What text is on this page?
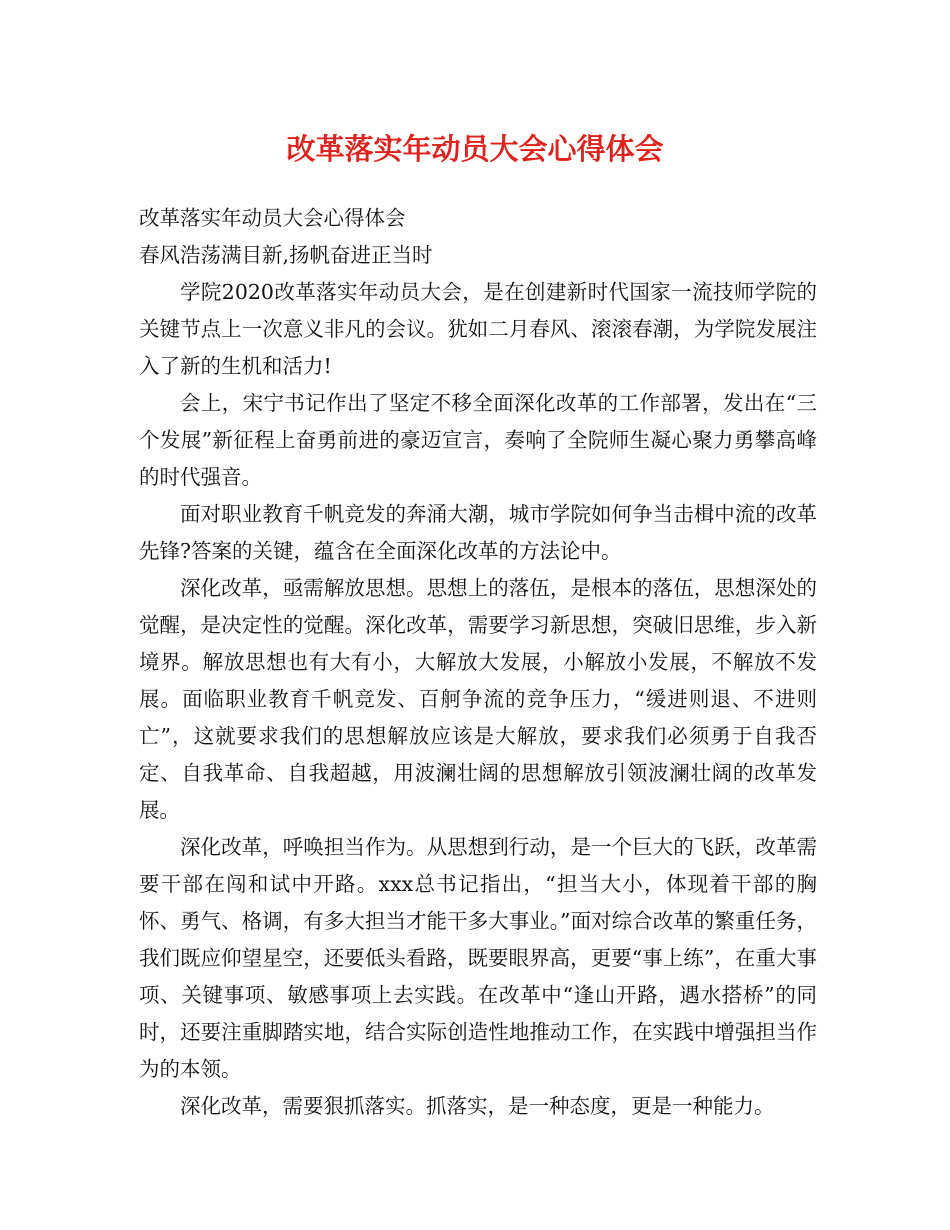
改革落实年动员大会心得体会

改革落实年动员大会心得体会

春风浩荡满目新,扬帆奋进正当时

学院2020改革落实年动员大会，是在创建新时代国家一流技师学院的关键节点上一次意义非凡的会议。犹如二月春风、滚滚春潮，为学院发展注入了新的生机和活力!

会上，宋宁书记作出了坚定不移全面深化改革的工作部署，发出在“三个发展”新征程上奋勇前进的豪迈宣言，奏响了全院师生凝心聚力勇攀高峰的时代强音。

面对职业教育千帆竞发的奔涌大潮，城市学院如何争当击楫中流的改革先锋?答案的关键，蕴含在全面深化改革的方法论中。

深化改革，亟需解放思想。思想上的落伍，是根本的落伍，思想深处的觉醒，是决定性的觉醒。深化改革，需要学习新思想，突破旧思维，步入新境界。解放思想也有大有小，大解放大发展，小解放小发展，不解放不发展。面临职业教育千帆竞发、百舸争流的竞争压力，“缓进则退、不进则亡”，这就要求我们的思想解放应该是大解放，要求我们必须勇于自我否定、自我革命、自我超越，用波澜壮阔的思想解放引领波澜壮阔的改革发展。

深化改革，呼唤担当作为。从思想到行动，是一个巨大的飞跃，改革需要干部在闯和试中开路。xxx总书记指出，“担当大小，体现着干部的胸怀、勇气、格调，有多大担当才能干多大事业。”面对综合改革的繁重任务，我们既应仰望星空，还要低头看路，既要眼界高，更要“事上练”，在重大事项、关键事项、敏感事项上去实践。在改革中“逢山开路，遇水搭桥”的同时，还要注重脚踏实地，结合实际创造性地推动工作，在实践中增强担当作为的本领。

深化改革，需要狠抓落实。抓落实，是一种态度，更是一种能力。
